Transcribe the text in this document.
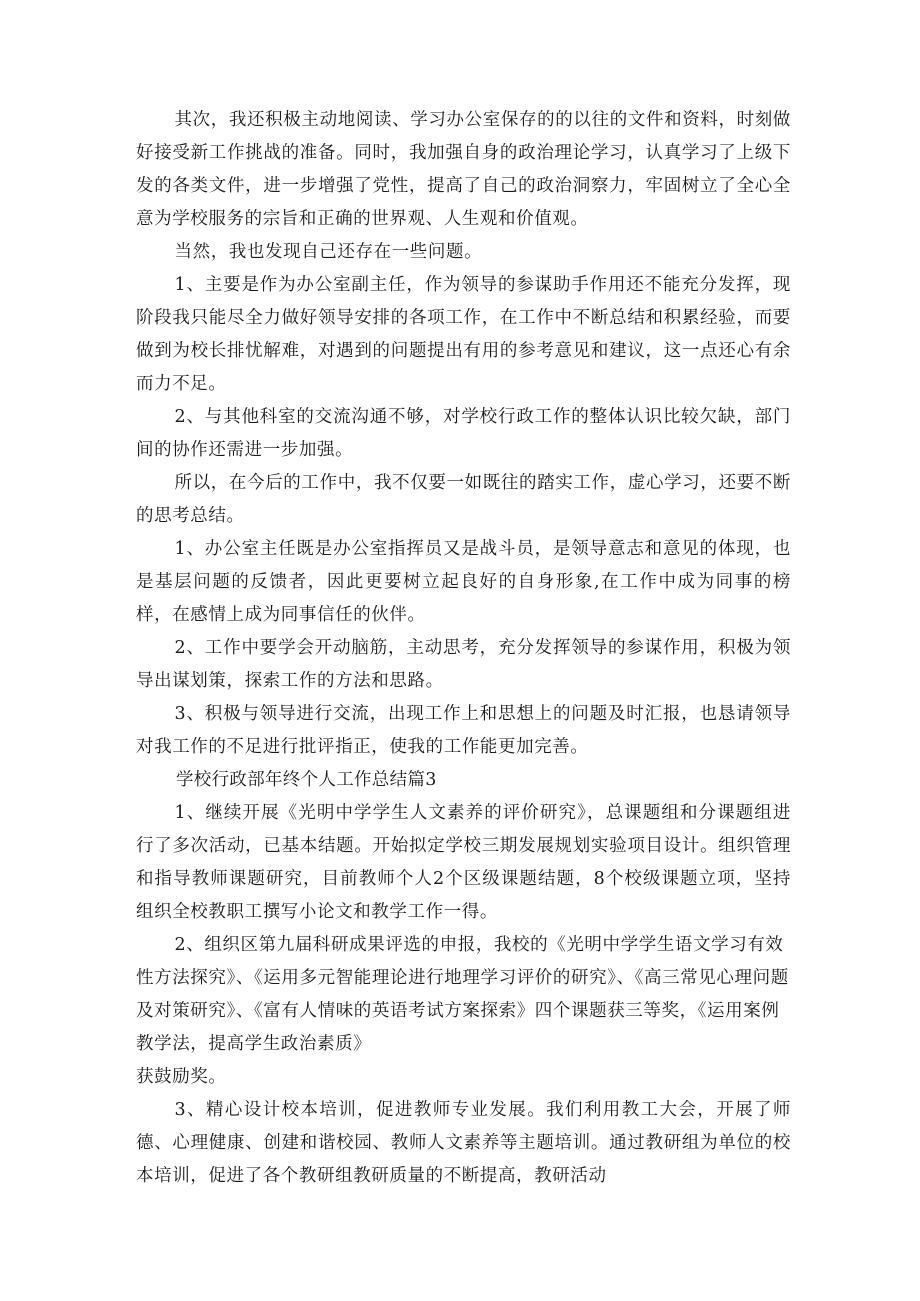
其次，我还积极主动地阅读、学习办公室保存的的以往的文件和资料，时刻做好接受新工作挑战的准备。同时，我加强自身的政治理论学习，认真学习了上级下发的各类文件，进一步增强了党性，提高了自己的政治洞察力，牢固树立了全心全意为学校服务的宗旨和正确的世界观、人生观和价值观。

当然，我也发现自己还存在一些问题。

1、主要是作为办公室副主任，作为领导的参谋助手作用还不能充分发挥，现阶段我只能尽全力做好领导安排的各项工作，在工作中不断总结和积累经验，而要做到为校长排忧解难，对遇到的问题提出有用的参考意见和建议，这一点还心有余而力不足。

2、与其他科室的交流沟通不够，对学校行政工作的整体认识比较欠缺，部门间的协作还需进一步加强。

所以，在今后的工作中，我不仅要一如既往的踏实工作，虚心学习，还要不断的思考总结。

1、办公室主任既是办公室指挥员又是战斗员，是领导意志和意见的体现，也是基层问题的反馈者，因此更要树立起良好的自身形象,在工作中成为同事的榜样，在感情上成为同事信任的伙伴。

2、工作中要学会开动脑筋，主动思考，充分发挥领导的参谋作用，积极为领导出谋划策，探索工作的方法和思路。

3、积极与领导进行交流，出现工作上和思想上的问题及时汇报，也恳请领导对我工作的不足进行批评指正，使我的工作能更加完善。

学校行政部年终个人工作总结篇3

1、继续开展《光明中学学生人文素养的评价研究》，总课题组和分课题组进行了多次活动，已基本结题。开始拟定学校三期发展规划实验项目设计。组织管理和指导教师课题研究，目前教师个人2个区级课题结题，8个校级课题立项，坚持组织全校教职工撰写小论文和教学工作一得。

2、组织区第九届科研成果评选的申报，我校的《光明中学学生语文学习有效性方法探究》、《运用多元智能理论进行地理学习评价的研究》、《高三常见心理问题及对策研究》、《富有人情味的英语考试方案探索》四个课题获三等奖，《运用案例教学法，提高学生政治素质》

获鼓励奖。

3、精心设计校本培训，促进教师专业发展。我们利用教工大会，开展了师德、心理健康、创建和谐校园、教师人文素养等主题培训。通过教研组为单位的校本培训，促进了各个教研组教研质量的不断提高，教研活动
